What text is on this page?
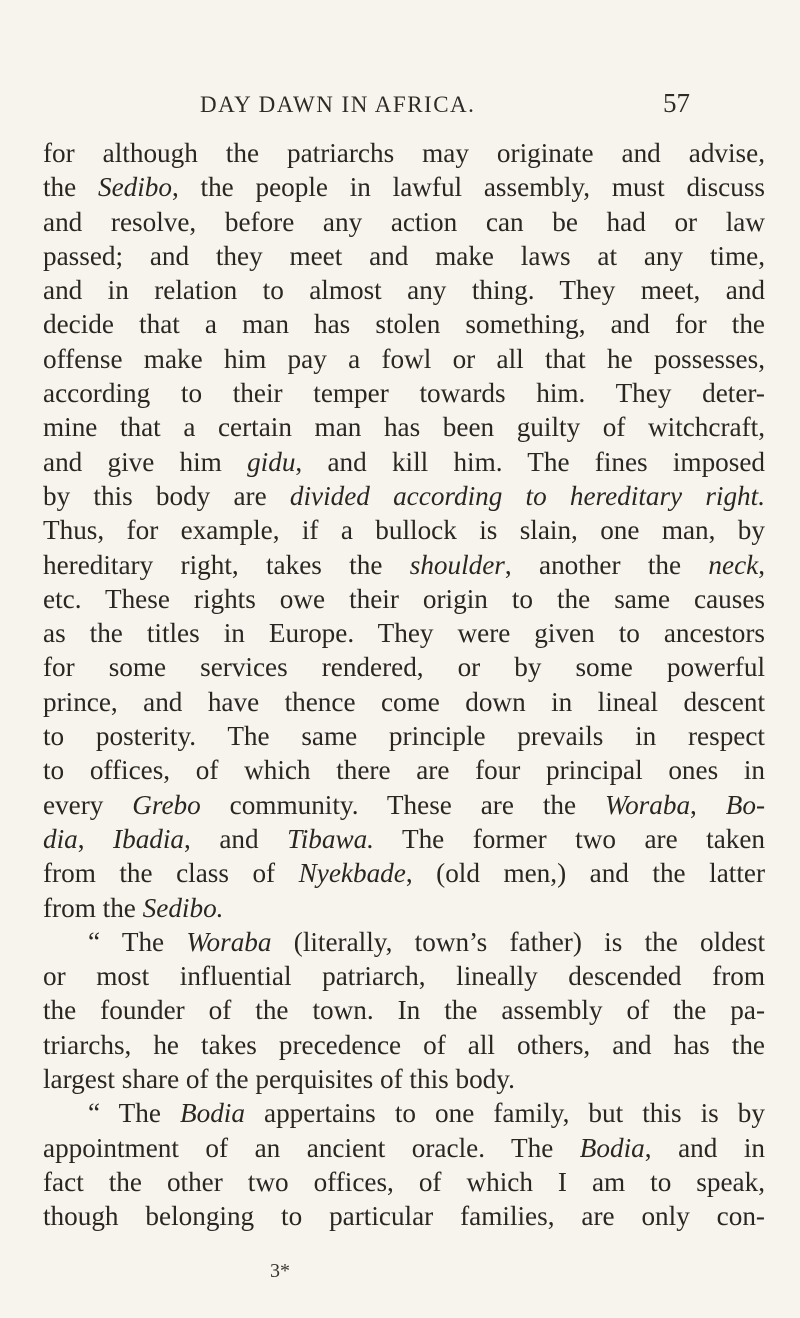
DAY DAWN IN AFRICA.	57
for although the patriarchs may originate and advise,
the Sedibo, the people in lawful assembly, must discuss
and resolve, before any action can be had or law
passed; and they meet and make laws at any time,
and in relation to almost any thing. They meet, and
decide that a man has stolen something, and for the
offense make him pay a fowl or all that he possesses,
according to their temper towards him. They deter-
mine that a certain man has been guilty of witchcraft,
and give him gidu, and kill him. The fines imposed
by this body are divided according to hereditary right.
Thus, for example, if a bullock is slain, one man, by
hereditary right, takes the shoulder, another the neck,
etc. These rights owe their origin to the same causes
as the titles in Europe. They were given to ancestors
for some services rendered, or by some powerful
prince, and have thence come down in lineal descent
to posterity. The same principle prevails in respect
to offices, of which there are four principal ones in
every Grebo community. These are the Woraba, Bo-
dia, Ibadia, and Tibawa. The former two are taken
from the class of Nyekbade, (old men,) and the latter
from the Sedibo.
“ The Woraba (literally, town’s father) is the oldest
or most influential patriarch, lineally descended from
the founder of the town. In the assembly of the pa-
triarchs, he takes precedence of all others, and has the
largest share of the perquisites of this body.
“ The Bodia appertains to one family, but this is by
appointment of an ancient oracle. The Bodia, and in
fact the other two offices, of which I am to speak,
though belonging to particular families, are only con-
3*
